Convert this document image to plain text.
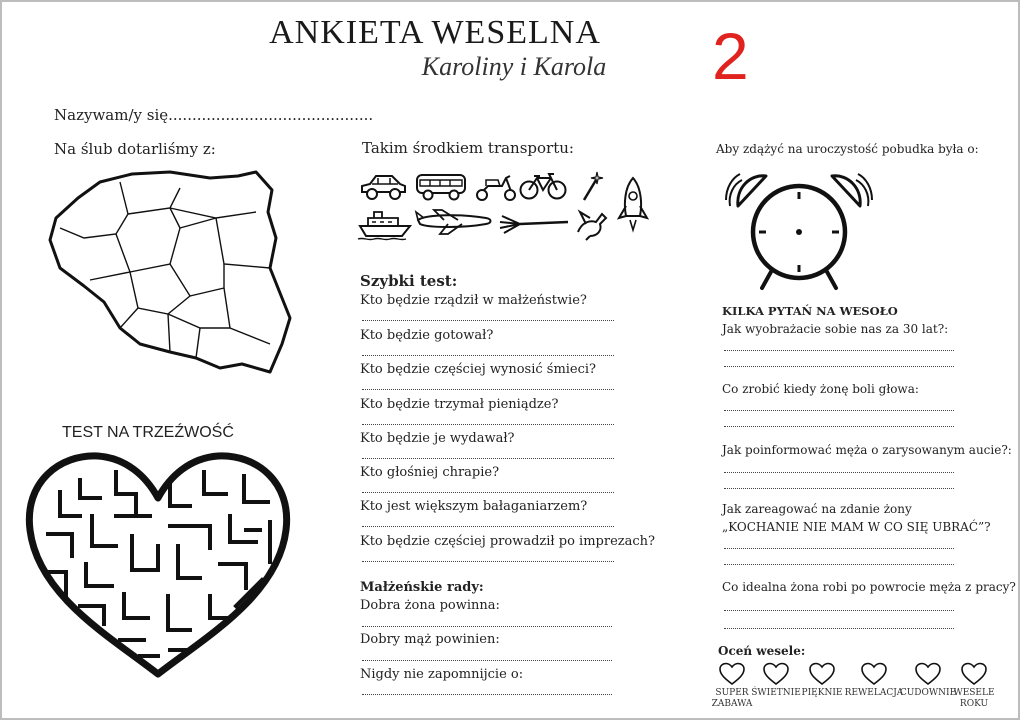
ANKIETA WESELNA
Karoliny i Karola	2
Nazywam/y się...........................................
Na ślub dotarliśmy z:
TEST NA TRZEŹWOŚĆ
Takim środkiem transportu:
Szybki test:
Kto będzie rządził w małżeństwie?
Kto będzie gotował?
Kto będzie częściej wynosić śmieci?
Kto będzie trzymał pieniądze?
Kto będzie je wydawał?
Kto głośniej chrapie?
Kto jest większym bałaganiarzem?
Kto będzie częściej prowadził po imprezach?
Małżeńskie rady:
Dobra żona powinna:
Dobry mąż powinien:
Nigdy nie zapomnijcie o:
Aby zdążyć na uroczystość pobudka była o:
KILKA PYTAŃ NA WESOŁO
Jak wyobrażacie sobie nas za 30 lat?:
Co zrobić kiedy żonę boli głowa:
Jak poinformować męża o zarysowanym aucie?:
Jak zareagować na zdanie żony
„KOCHANIE NIE MAM W CO SIĘ UBRAĆ”?
Co idealna żona robi po powrocie męża z pracy?
Oceń wesele:
SUPER
ZABAWA
ŚWIETNIE PIĘKNIE REWELACJA
CUDOWNIE
WESELE
ROKU
